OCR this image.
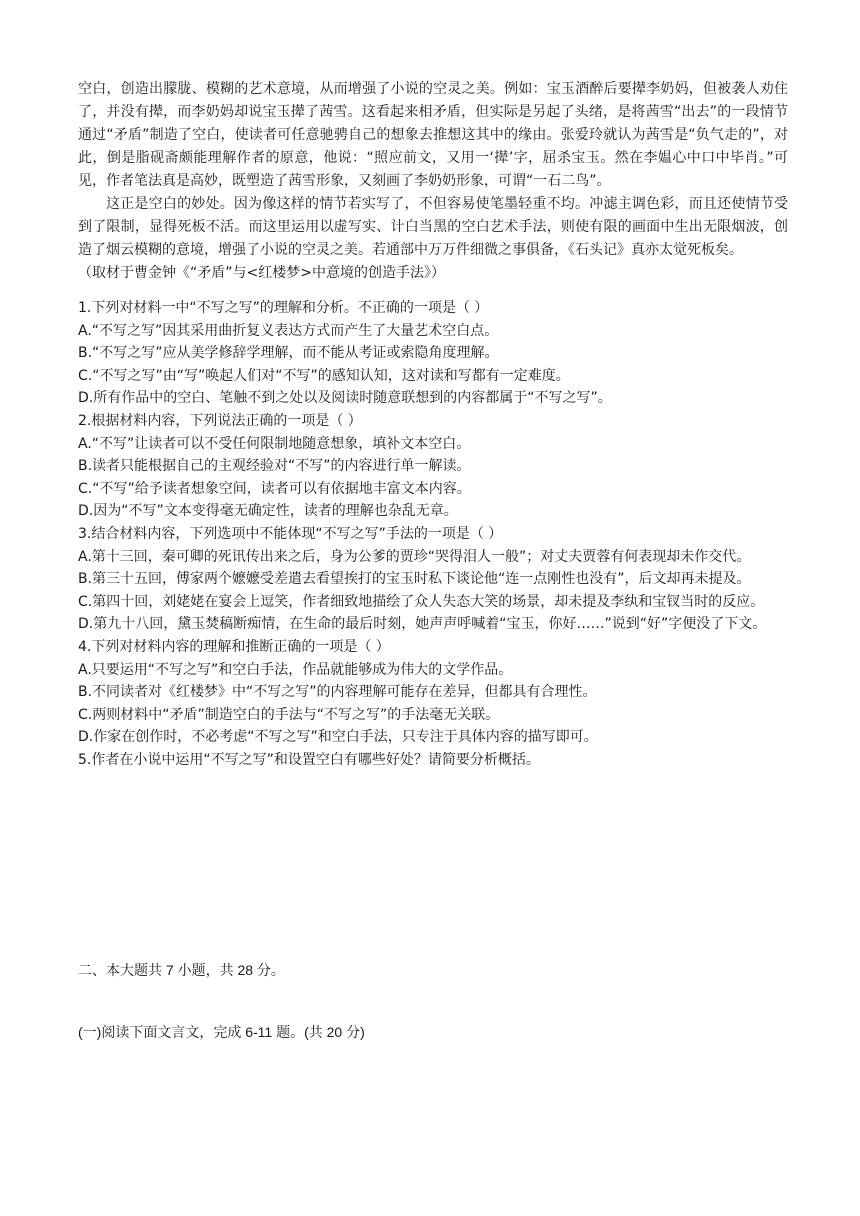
空白，创造出朦胧、模糊的艺术意境，从而增强了小说的空灵之美。例如：宝玉酒醉后要撵李奶妈，但被袭人劝住了，并没有撵，而李奶妈却说宝玉撵了茜雪。这看起来相矛盾，但实际是另起了头绪，是将茜雪“出去”的一段情节通过“矛盾”制造了空白，使读者可任意驰骋自己的想象去推想这其中的缘由。张爱玲就认为茜雪是“负气走的”，对此，倒是脂砚斋颇能理解作者的原意，他说：“照应前文，又用一‘撵’字，屈杀宝玉。然在李媪心中口中毕肖。”可见，作者笔法真是高妙，既塑造了茜雪形象，又刻画了李奶奶形象，可谓“一石二鸟”。

这正是空白的妙处。因为像这样的情节若实写了，不但容易使笔墨轻重不均。冲滤主调色彩，而且还使情节受到了限制，显得死板不活。而这里运用以虚写实、计白当黑的空白艺术手法，则使有限的画面中生出无限烟波，创造了烟云模糊的意境，增强了小说的空灵之美。若通部中万万件细微之事俱备，《石头记》真亦太觉死板矣。

（取材于曹金钟《“矛盾”与<红楼梦>中意境的创造手法》）

1.下列对材料一中“不写之写”的理解和分析。不正确的一项是（ ）

A.“不写之写”因其采用曲折复义表达方式而产生了大量艺术空白点。

B.“不写之写”应从美学修辞学理解，而不能从考证或索隐角度理解。

C.“不写之写”由“写”唤起人们对“不写”的感知认知，这对读和写都有一定难度。

D.所有作品中的空白、笔触不到之处以及阅读时随意联想到的内容都属于“不写之写”。

2.根据材料内容，下列说法正确的一项是（ ）

A.“不写”让读者可以不受任何限制地随意想象，填补文本空白。

B.读者只能根据自己的主观经验对“不写”的内容进行单一解读。

C.“不写”给予读者想象空间，读者可以有依据地丰富文本内容。

D.因为“不写”文本变得毫无确定性，读者的理解也杂乱无章。

3.结合材料内容，下列选项中不能体现“不写之写”手法的一项是（ ）

A.第十三回，秦可卿的死讯传出来之后，身为公爹的贾珍“哭得泪人一般”；对丈夫贾蓉有何表现却未作交代。

B.第三十五回，傅家两个嬷嬷受差遣去看望挨打的宝玉时私下谈论他“连一点刚性也没有”，后文却再未提及。

C.第四十回，刘姥姥在宴会上逗笑，作者细致地描绘了众人失态大笑的场景，却未提及李纨和宝钗当时的反应。

D.第九十八回，黛玉焚稿断痴情，在生命的最后时刻，她声声呼喊着“宝玉，你好……”说到“好”字便没了下文。

4.下列对材料内容的理解和推断正确的一项是（ ）

A.只要运用“不写之写”和空白手法，作品就能够成为伟大的文学作品。

B.不同读者对《红楼梦》中“不写之写”的内容理解可能存在差异，但都具有合理性。

C.两则材料中“矛盾”制造空白的手法与“不写之写”的手法毫无关联。

D.作家在创作时，不必考虑“不写之写”和空白手法，只专注于具体内容的描写即可。

5.作者在小说中运用“不写之写”和设置空白有哪些好处？请简要分析概括。

二、本大题共 7 小题，共 28 分。

(一)阅读下面文言文，完成 6-11 题。(共 20 分)
